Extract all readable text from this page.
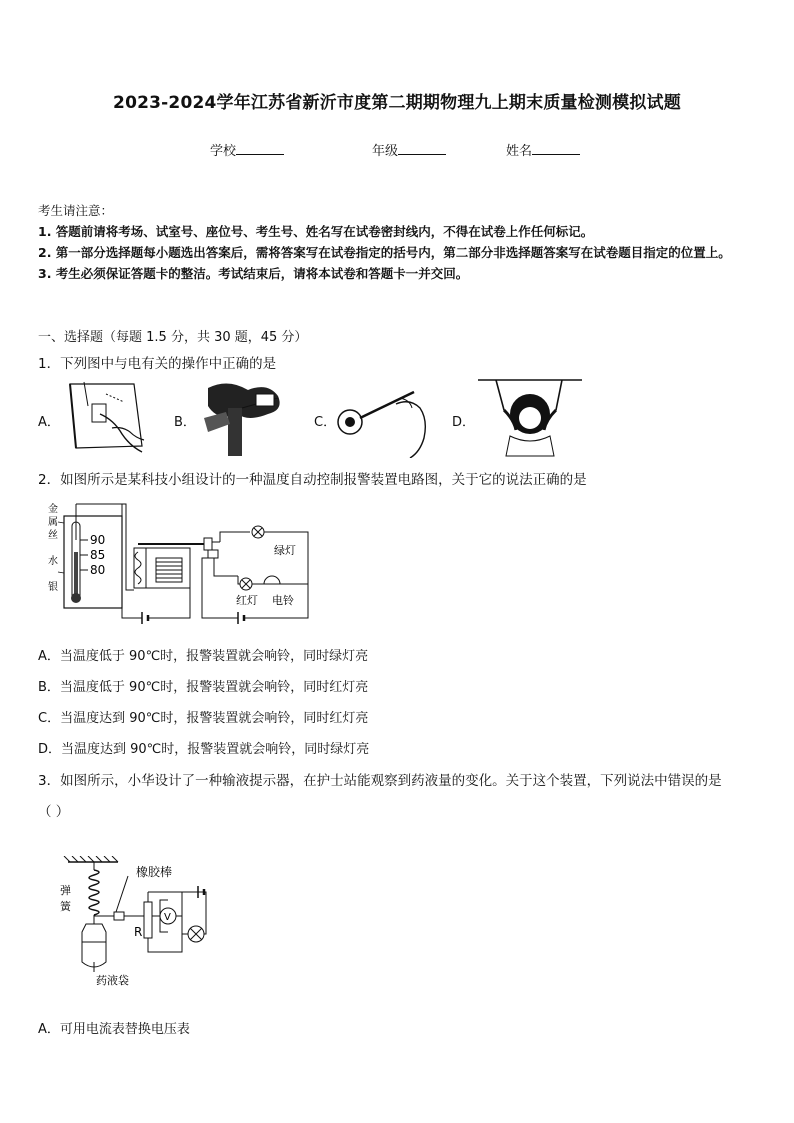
2023-2024学年江苏省新沂市度第二期期物理九上期末质量检测模拟试题
学校	年级	姓名
考生请注意：
1. 答题前请将考场、试室号、座位号、考生号、姓名写在试卷密封线内，不得在试卷上作任何标记。
2. 第一部分选择题每小题选出答案后，需将答案写在试卷指定的括号内，第二部分非选择题答案写在试卷题目指定的位置上。
3. 考生必须保证答题卡的整洁。考试结束后，请将本试卷和答题卡一并交回。
一、选择题（每题 1.5 分，共 30 题，45 分）
1．下列图中与电有关的操作中正确的是
A．	B．	C．	D．
2．如图所示是某科技小组设计的一种温度自动控制报警装置电路图，关于它的说法正确的是
金
属
丝
水
银
90
85
80
绿灯
红灯 电铃
A．当温度低于 90℃时，报警装置就会响铃，同时绿灯亮
B．当温度低于 90℃时，报警装置就会响铃，同时红灯亮
C．当温度达到 90℃时，报警装置就会响铃，同时红灯亮
D．当温度达到 90℃时，报警装置就会响铃，同时绿灯亮
3．如图所示，小华设计了一种输液提示器，在护士站能观察到药液量的变化。关于这个装置，下列说法中错误的是
（ ）
弹
簧
药液袋
橡胶棒
R
V
A．可用电流表替换电压表
